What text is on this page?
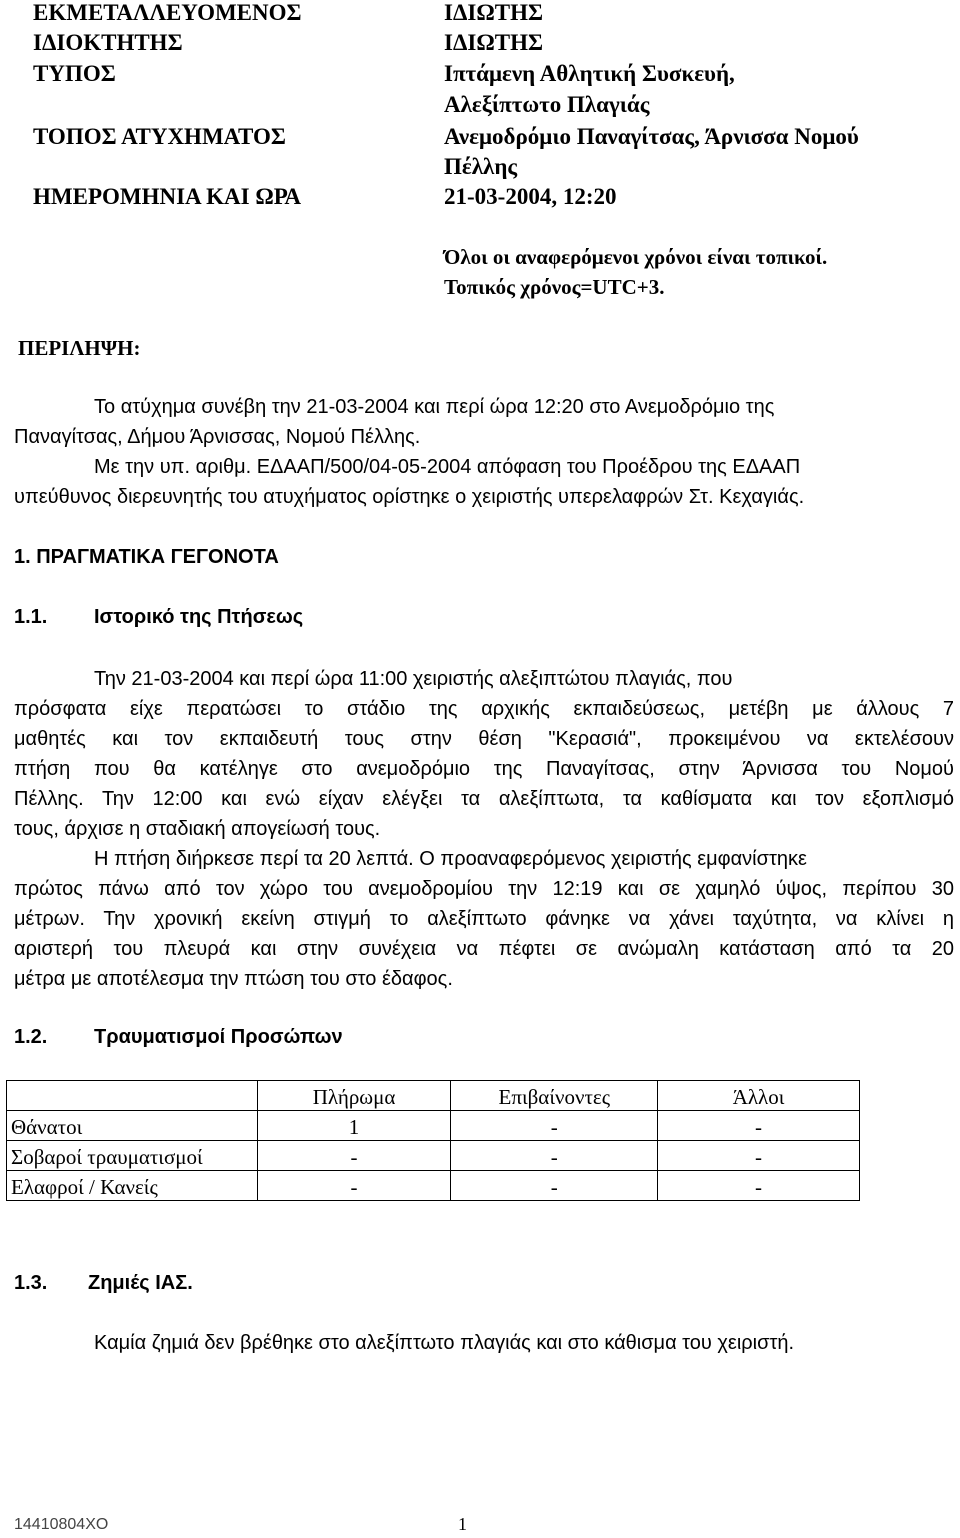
ΕΚΜΕΤΑΛΛΕΥΟΜΕΝΟΣ	ΙΔΙΩΤΗΣ
ΙΔΙΟΚΤΗΤΗΣ	ΙΔΙΩΤΗΣ
ΤΥΠΟΣ	Ιπτάμενη Αθλητική Συσκευή,
Αλεξίπτωτο Πλαγιάς
ΤΟΠΟΣ ΑΤΥΧΗΜΑΤΟΣ	Ανεμοδρόμιο Παναγίτσας, Άρνισσα Νομού
Πέλλης
ΗΜΕΡΟΜΗΝΙΑ ΚΑΙ ΩΡΑ	21-03-2004, 12:20
Όλοι οι αναφερόμενοι χρόνοι είναι τοπικοί.
Τοπικός χρόνος=UTC+3.
ΠΕΡΙΛΗΨΗ:
Το ατύχημα συνέβη την 21-03-2004 και περί ώρα 12:20 στο Ανεμοδρόμιο της
Παναγίτσας, Δήμου Άρνισσας, Νομού Πέλλης.
Με την υπ. αριθμ. ΕΔΑΑΠ/500/04-05-2004 απόφαση του Προέδρου της ΕΔΑΑΠ
υπεύθυνος διερευνητής του ατυχήματος ορίστηκε ο χειριστής υπερελαφρών Στ. Κεχαγιάς.
1. ΠΡΑΓΜΑΤΙΚΑ ΓΕΓΟΝΟΤΑ
1.1. Ιστορικό της Πτήσεως
Την 21-03-2004 και περί ώρα 11:00 χειριστής αλεξιπτώτου πλαγιάς, που
πρόσφατα είχε περατώσει το στάδιο της αρχικής εκπαιδεύσεως, μετέβη με άλλους 7
μαθητές και τον εκπαιδευτή τους στην θέση "Κερασιά", προκειμένου να εκτελέσουν
πτήση που θα κατέληγε στο ανεμοδρόμιο της Παναγίτσας, στην Άρνισσα του Νομού
Πέλλης. Την 12:00 και ενώ είχαν ελέγξει τα αλεξίπτωτα, τα καθίσματα και τον εξοπλισμό
τους, άρχισε η σταδιακή απογείωσή τους.
Η πτήση διήρκεσε περί τα 20 λεπτά. Ο προαναφερόμενος χειριστής εμφανίστηκε
πρώτος πάνω από τον χώρο του ανεμοδρομίου την 12:19 και σε χαμηλό ύψος, περίπου 30
μέτρων. Την χρονική εκείνη στιγμή το αλεξίπτωτο φάνηκε να χάνει ταχύτητα, να κλίνει η
αριστερή του πλευρά και στην συνέχεια να πέφτει σε ανώμαλη κατάσταση από τα 20
μέτρα με αποτέλεσμα την πτώση του στο έδαφος.
1.2. Τραυματισμοί Προσώπων
	Πλήρωμα	Επιβαίνοντες	Άλλοι
Θάνατοι	1	-	-
Σοβαροί τραυματισμοί	-	-	-
Ελαφροί / Κανείς	-	-	-
1.3. Ζημιές ΙΑΣ.
Καμία ζημιά δεν βρέθηκε στο αλεξίπτωτο πλαγιάς και στο κάθισμα του χειριστή.
14410804XO	1
